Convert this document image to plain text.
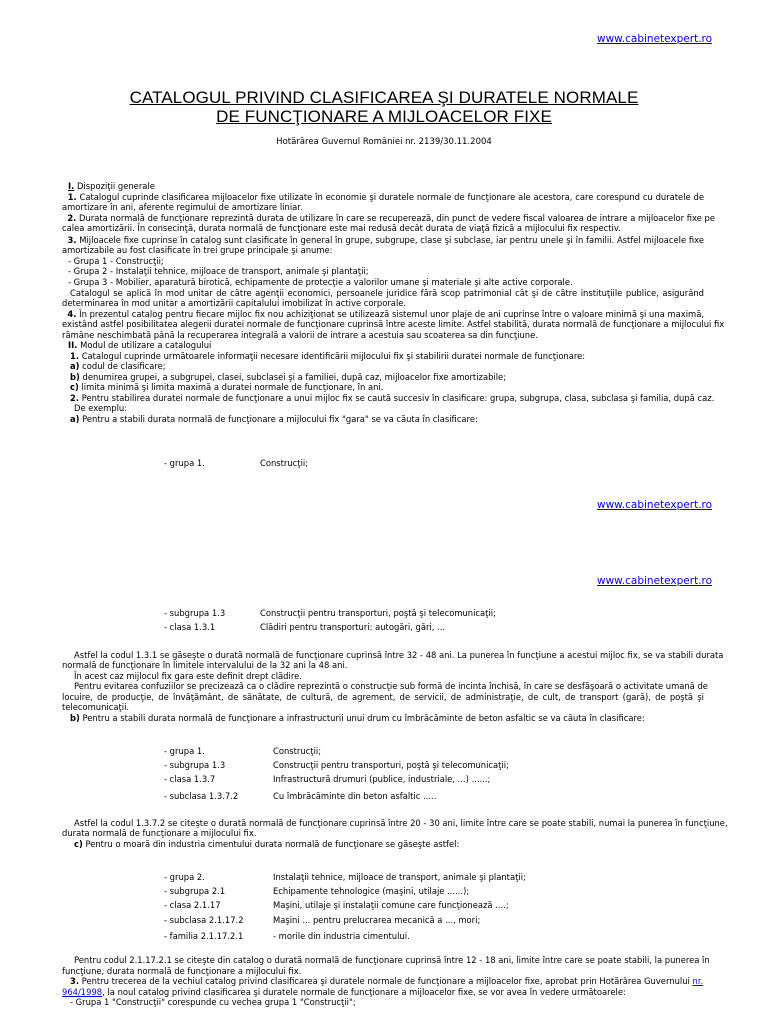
www.cabinetexpert.ro
CATALOGUL PRIVIND CLASIFICAREA ŞI DURATELE NORMALE
DE FUNCŢIONARE A MIJLOACELOR FIXE
Hotărârea Guvernul României nr. 2139/30.11.2004
I. Dispoziţii generale
1. Catalogul cuprinde clasificarea mijloacelor fixe utilizate în economie şi duratele normale de funcţionare ale acestora, care corespund cu duratele de
amortizare în ani, aferente regimului de amortizare liniar.
2. Durata normală de funcţionare reprezintă durata de utilizare în care se recuperează, din punct de vedere fiscal valoarea de intrare a mijloacelor fixe pe
calea amortizării. În consecinţă, durata normală de funcţionare este mai redusă decât durata de viaţă fizică a mijlocului fix respectiv.
3. Mijloacele fixe cuprinse în catalog sunt clasificate în general în grupe, subgrupe, clase şi subclase, iar pentru unele şi în familii. Astfel mijloacele fixe
amortizabile au fost clasificate în trei grupe principale şi anume:
- Grupa 1 - Construcţii;
- Grupa 2 - Instalaţii tehnice, mijloace de transport, animale şi plantaţii;
- Grupa 3 - Mobilier, aparatură birotică, echipamente de protecţie a valorilor umane şi materiale şi alte active corporale.
Catalogul se aplică în mod unitar de către agenţii economici, persoanele juridice fără scop patrimonial cât şi de către instituţiile publice, asigurând
determinarea în mod unitar a amortizării capitalului imobilizat în active corporale.
4. În prezentul catalog pentru fiecare mijloc fix nou achiziţionat se utilizează sistemul unor plaje de ani cuprinse între o valoare minimă şi una maximă,
existând astfel posibilitatea alegerii duratei normale de funcţionare cuprinsă între aceste limite. Astfel stabilită, durata normală de funcţionare a mijlocului fix
rămâne neschimbată până la recuperarea integrală a valorii de intrare a acestuia sau scoaterea sa din funcţiune.
II. Modul de utilizare a catalogului
1. Catalogul cuprinde următoarele informaţii necesare identificării mijlocului fix şi stabilirii duratei normale de funcţionare:
a) codul de clasificare;
b) denumirea grupei, a subgrupei, clasei, subclasei şi a familiei, după caz, mijloacelor fixe amortizabile;
c) limita minimă şi limita maximă a duratei normale de funcţionare, în ani.
2. Pentru stabilirea duratei normale de funcţionare a unui mijloc fix se caută succesiv în clasificare: grupa, subgrupa, clasa, subclasa şi familia, după caz.
De exemplu:
a) Pentru a stabili durata normală de funcţionare a mijlocului fix "gara" se va căuta în clasificare:
- grupa 1.	Construcţii;
www.cabinetexpert.ro
www.cabinetexpert.ro
- subgrupa 1.3	Construcţii pentru transporturi, poştă şi telecomunicaţii;
- clasa 1.3.1	Clădiri pentru transporturi: autogări, gări, ...
Astfel la codul 1.3.1 se găseşte o durată normală de funcţionare cuprinsă între 32 - 48 ani. La punerea în funcţiune a acestui mijloc fix, se va stabili durata
normală de funcţionare în limitele intervalului de la 32 ani la 48 ani.
În acest caz mijlocul fix gara este definit drept clădire.
Pentru evitarea confuziilor se precizează ca o clădire reprezintă o construcţie sub formă de incinta închisă, în care se desfăşoară o activitate umană de
locuire, de producţie, de învăţământ, de sănătate, de cultură, de agrement, de servicii, de administraţie, de cult, de transport (gară), de poştă şi
telecomunicaţii.
b) Pentru a stabili durata normală de funcţionare a infrastructurii unui drum cu îmbrăcăminte de beton asfaltic se va căuta în clasificare:
- grupa 1.	Construcţii;
- subgrupa 1.3	Construcţii pentru transporturi, poştă şi telecomunicaţii;
- clasa 1.3.7	Infrastructură drumuri (publice, industriale, ...) ......;
- subclasa 1.3.7.2	Cu îmbrăcăminte din beton asfaltic .....
Astfel la codul 1.3.7.2 se citeşte o durată normală de funcţionare cuprinsă între 20 - 30 ani, limite între care se poate stabili, numai la punerea în funcţiune,
durata normală de funcţionare a mijlocului fix.
c) Pentru o moară din industria cimentului durata normală de funcţionare se găseşte astfel:
- grupa 2.	Instalaţii tehnice, mijloace de transport, animale şi plantaţii;
- subgrupa 2.1	Echipamente tehnologice (maşini, utilaje ......);
- clasa 2.1.17	Maşini, utilaje şi instalaţii comune care funcţionează ....;
- subclasa 2.1.17.2	Maşini ... pentru prelucrarea mecanică a ..., mori;
- familia 2.1.17.2.1	- morile din industria cimentului.
Pentru codul 2.1.17.2.1 se citeşte din catalog o durată normală de funcţionare cuprinsă între 12 - 18 ani, limite între care se poate stabili, la punerea în
funcţiune, durata normală de funcţionare a mijlocului fix.
3. Pentru trecerea de la vechiul catalog privind clasificarea şi duratele normale de funcţionare a mijloacelor fixe, aprobat prin Hotărârea Guvernului nr.
964/1998, la noul catalog privind clasificarea şi duratele normale de funcţionare a mijloacelor fixe, se vor avea în vedere următoarele:
- Grupa 1 "Construcţii" corespunde cu vechea grupa 1 "Construcţii";
